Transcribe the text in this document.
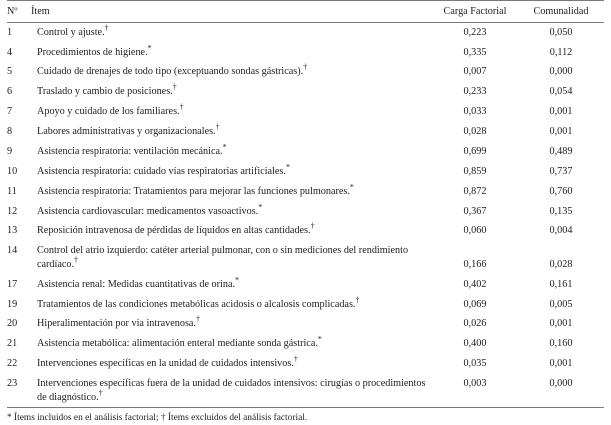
Nº	Ítem	Carga Factorial	Comunalidad
1	Control y ajuste.†	0,223	0,050
4	Procedimientos de higiene.*	0,335	0,112
5	Cuidado de drenajes de todo tipo (exceptuando sondas gástricas).†	0,007	0,000
6	Traslado y cambio de posiciones.†	0,233	0,054
7	Apoyo y cuidado de los familiares.†	0,033	0,001
8	Labores administrativas y organizacionales.†	0,028	0,001
9	Asistencia respiratoria: ventilación mecánica.*	0,699	0,489
10	Asistencia respiratoria: cuidado vías respiratorias artificiales.*	0,859	0,737
11	Asistencia respiratoria: Tratamientos para mejorar las funciones pulmonares.*	0,872	0,760
12	Asistencia cardiovascular: medicamentos vasoactivos.*	0,367	0,135
13	Reposición intravenosa de pérdidas de líquidos en altas cantidades.†	0,060	0,004
14	Control del atrio izquierdo: catéter arterial pulmonar, con o sin mediciones del rendimiento cardíaco.†	0,166	0,028
17	Asistencia renal: Medidas cuantitativas de orina.*	0,402	0,161
19	Tratamientos de las condiciones metabólicas acidosis o alcalosis complicadas.†	0,069	0,005
20	Hiperalimentación por via intravenosa.†	0,026	0,001
21	Asistencia metabólica: alimentación enteral mediante sonda gástrica.*	0,400	0,160
22	Intervenciones específicas en la unidad de cuidados intensivos.†	0,035	0,001
23	Intervenciones específicas fuera de la unidad de cuidados intensivos: cirugías o procedimientos de diagnóstico.†	0,003	0,000
* Ítems incluidos en el análisis factorial; † Ítems excluidos del análisis factorial.
